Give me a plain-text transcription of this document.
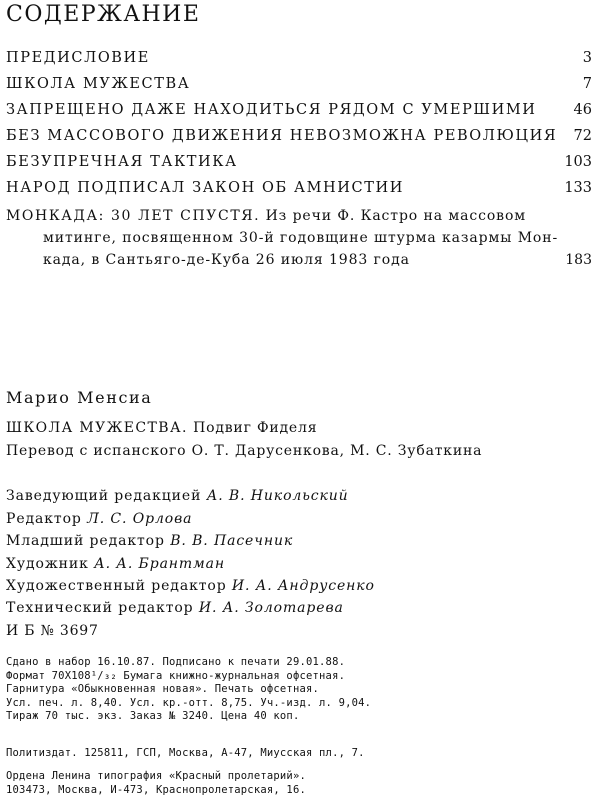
СОДЕРЖАНИЕ
ПРЕДИСЛОВИЕ	3
ШКОЛА МУЖЕСТВА	7
ЗАПРЕЩЕНО ДАЖЕ НАХОДИТЬСЯ РЯДОМ С УМЕРШИМИ	46
БЕЗ МАССОВОГО ДВИЖЕНИЯ НЕВОЗМОЖНА РЕВОЛЮЦИЯ 72
БЕЗУПРЕЧНАЯ ТАКТИКА	103
НАРОД ПОДПИСАЛ ЗАКОН ОБ АМНИСТИИ	133
МОНКАДА: 30 ЛЕТ СПУСТЯ. Из речи Ф. Кастро на массовом
митинге, посвященном 30-й годовщине штурма казармы Мон-
када, в Сантьяго-де-Куба 26 июля 1983 года	183
Марио Менсиа
ШКОЛА МУЖЕСТВА. Подвиг Фиделя
Перевод с испанского О. Т. Дарусенкова, М. С. Зубаткина
Заведующий редакцией А. В. Никольский
Редактор Л. С. Орлова
Младший редактор В. В. Пасечник
Художник А. А. Брантман
Художественный редактор И. А. Андрусенко
Технический редактор И. А. Золотарева
И Б № 3697
Сдано в набор 16.10.87. Подписано к печати 29.01.88.
Формат 70X108¹/₃₂ Бумага книжно-журнальная офсетная.
Гарнитура «Обыкновенная новая». Печать офсетная.
Усл. печ. л. 8,40. Усл. кр.-отт. 8,75. Уч.-изд. л. 9,04.
Тираж 70 тыс. экз. Заказ № 3240. Цена 40 коп.
Политиздат. 125811, ГСП, Москва, А-47, Миусская пл., 7.
Ордена Ленина типография «Красный пролетарий».
103473, Москва, И-473, Краснопролетарская, 16.
